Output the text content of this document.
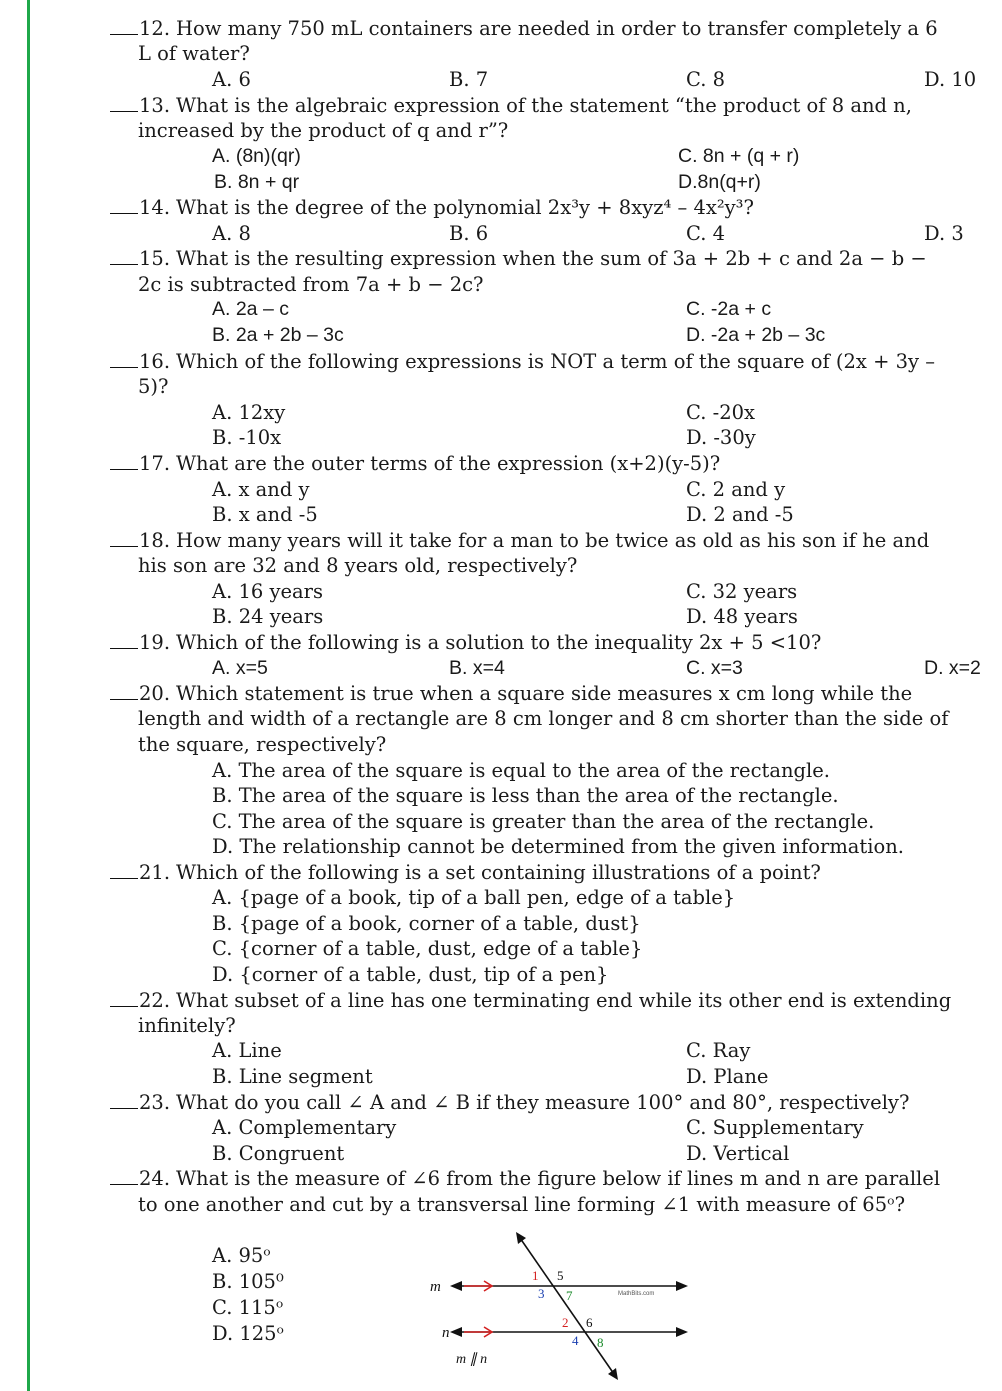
12. How many 750 mL containers are needed in order to transfer completely a 6
L of water?
A. 6	B. 7	C. 8	D. 10
13. What is the algebraic expression of the statement “the product of 8 and n,
increased by the product of q and r”?
A. (8n)(qr)	C. 8n + (q + r)
B. 8n + qr	D.8n(q+r)
14. What is the degree of the polynomial 2x³y + 8xyz⁴ – 4x²y³?
A. 8	B. 6	C. 4	D. 3
15. What is the resulting expression when the sum of 3a + 2b + c and 2a − b −
2c is subtracted from 7a + b − 2c?
A. 2a – c	C. -2a + c
B. 2a + 2b – 3c	D. -2a + 2b – 3c
16. Which of the following expressions is NOT a term of the square of (2x + 3y –
5)?
A. 12xy	C. -20x
B. -10x	D. -30y
17. What are the outer terms of the expression (x+2)(y-5)?
A. x and y	C. 2 and y
B. x and -5	D. 2 and -5
18. How many years will it take for a man to be twice as old as his son if he and
his son are 32 and 8 years old, respectively?
A. 16 years	C. 32 years
B. 24 years	D. 48 years
19. Which of the following is a solution to the inequality 2x + 5 <10?
A. x=5	B. x=4	C. x=3	D. x=2
20. Which statement is true when a square side measures x cm long while the
length and width of a rectangle are 8 cm longer and 8 cm shorter than the side of
the square, respectively?
A. The area of the square is equal to the area of the rectangle.
B. The area of the square is less than the area of the rectangle.
C. The area of the square is greater than the area of the rectangle.
D. The relationship cannot be determined from the given information.
21. Which of the following is a set containing illustrations of a point?
A. {page of a book, tip of a ball pen, edge of a table}
B. {page of a book, corner of a table, dust}
C. {corner of a table, dust, edge of a table}
D. {corner of a table, dust, tip of a pen}
22. What subset of a line has one terminating end while its other end is extending
infinitely?
A. Line	C. Ray
B. Line segment	D. Plane
23. What do you call ∠ A and ∠ B if they measure 100° and 80°, respectively?
A. Complementary	C. Supplementary
B. Congruent	D. Vertical
24. What is the measure of ∠6 from the figure below if lines m and n are parallel
to one another and cut by a transversal line forming ∠1 with measure of 65ᵒ?
A. 95ᵒ
B. 105⁰
C. 115ᵒ
D. 125ᵒ
m
n
m ∥ n
MathBits.com
1 5
3 7
2 6
4 8
